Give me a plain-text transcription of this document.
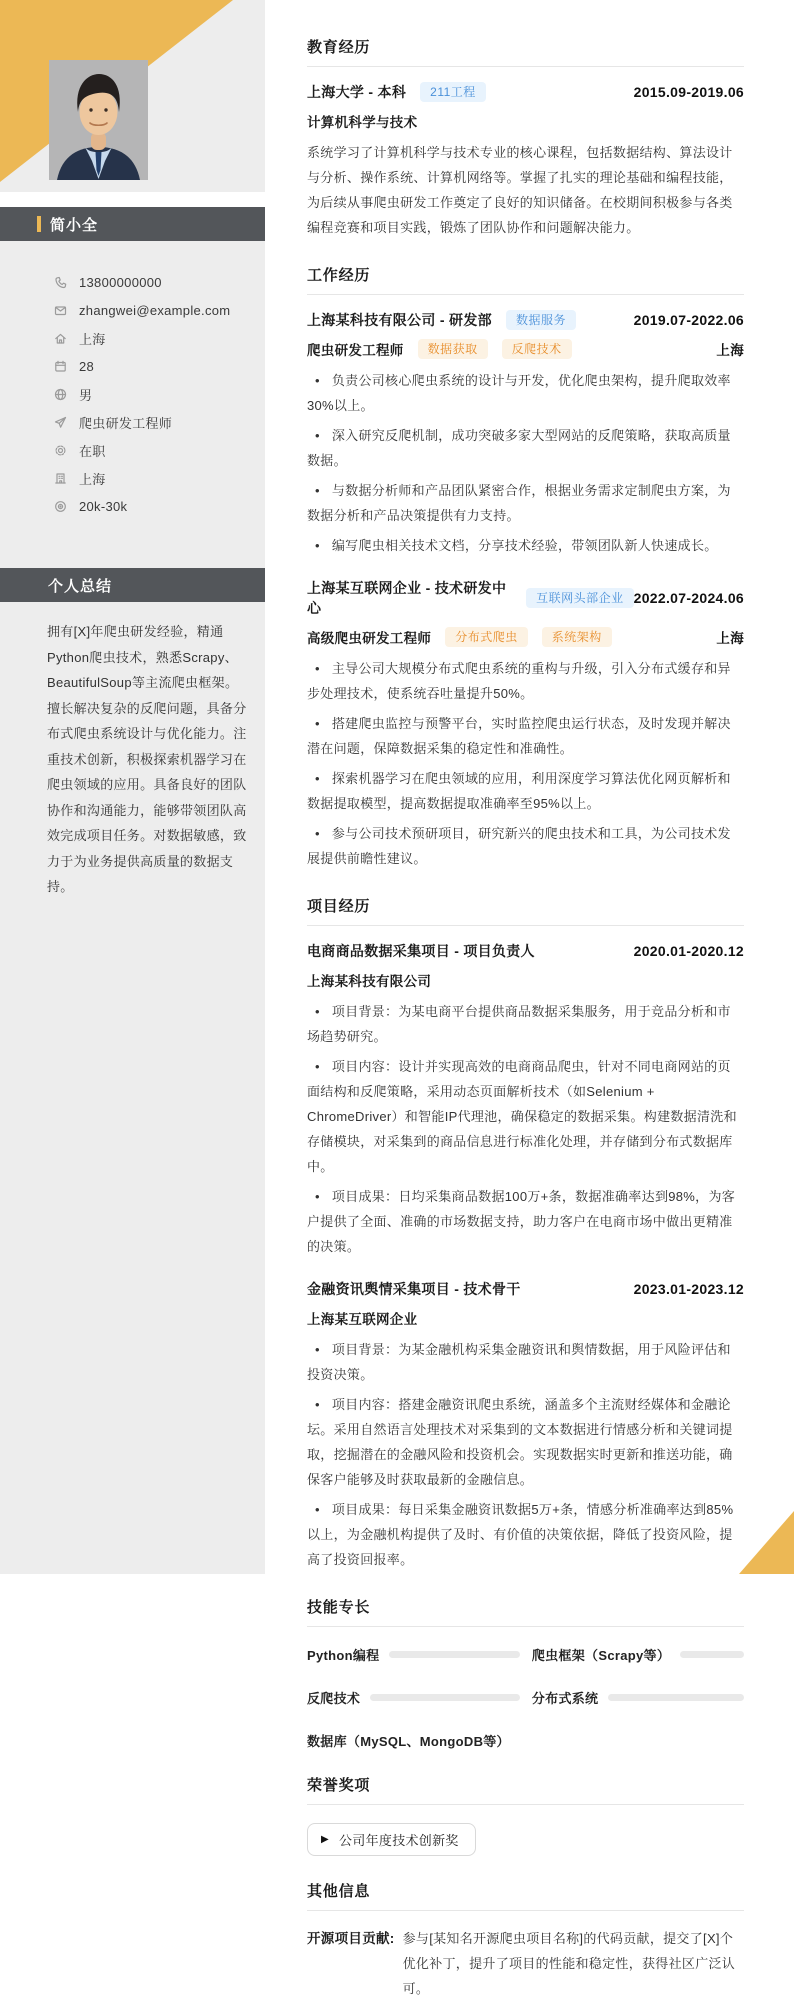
简小全
13800000000
zhangwei@example.com
上海
28
男
爬虫研发工程师
在职
上海
20k-30k
个人总结

拥有[X]年爬虫研发经验，精通Python爬虫技术，熟悉Scrapy、BeautifulSoup等主流爬虫框架。擅长解决复杂的反爬问题，具备分布式爬虫系统设计与优化能力。注重技术创新，积极探索机器学习在爬虫领域的应用。具备良好的团队协作和沟通能力，能够带领团队高效完成项目任务。对数据敏感，致力于为业务提供高质量的数据支持。

教育经历
上海大学 - 本科	211工程	2015.09-2019.06
计算机科学与技术

系统学习了计算机科学与技术专业的核心课程，包括数据结构、算法设计与分析、操作系统、计算机网络等。掌握了扎实的理论基础和编程技能，为后续从事爬虫研发工作奠定了良好的知识储备。在校期间积极参与各类编程竞赛和项目实践，锻炼了团队协作和问题解决能力。

工作经历
上海某科技有限公司 - 研发部	数据服务	2019.07-2022.06
爬虫研发工程师	数据获取	反爬技术	上海
• 负责公司核心爬虫系统的设计与开发，优化爬虫架构，提升爬取效率30%以上。
• 深入研究反爬机制，成功突破多家大型网站的反爬策略，获取高质量数据。
• 与数据分析师和产品团队紧密合作，根据业务需求定制爬虫方案，为数据分析和产品决策提供有力支持。
• 编写爬虫相关技术文档，分享技术经验，带领团队新人快速成长。
上海某互联网企业 - 技术研发中心
互联网头部企业 2022.07-2024.06
高级爬虫研发工程师	分布式爬虫	系统架构	上海
• 主导公司大规模分布式爬虫系统的重构与升级，引入分布式缓存和异步处理技术，使系统吞吐量提升50%。
• 搭建爬虫监控与预警平台，实时监控爬虫运行状态，及时发现并解决潜在问题，保障数据采集的稳定性和准确性。
• 探索机器学习在爬虫领域的应用，利用深度学习算法优化网页解析和数据提取模型，提高数据提取准确率至95%以上。
• 参与公司技术预研项目，研究新兴的爬虫技术和工具，为公司技术发展提供前瞻性建议。
项目经历
电商商品数据采集项目 - 项目负责人	2020.01-2020.12
上海某科技有限公司
• 项目背景：为某电商平台提供商品数据采集服务，用于竞品分析和市场趋势研究。
• 项目内容：设计并实现高效的电商商品爬虫，针对不同电商网站的页面结构和反爬策略，采用动态页面解析技术（如Selenium + ChromeDriver）和智能IP代理池，确保稳定的数据采集。构建数据清洗和存储模块，对采集到的商品信息进行标准化处理，并存储到分布式数据库中。
• 项目成果：日均采集商品数据100万+条，数据准确率达到98%，为客户提供了全面、准确的市场数据支持，助力客户在电商市场中做出更精准的决策。
金融资讯舆情采集项目 - 技术骨干	2023.01-2023.12
上海某互联网企业
• 项目背景：为某金融机构采集金融资讯和舆情数据，用于风险评估和投资决策。
• 项目内容：搭建金融资讯爬虫系统，涵盖多个主流财经媒体和金融论坛。采用自然语言处理技术对采集到的文本数据进行情感分析和关键词提取，挖掘潜在的金融风险和投资机会。实现数据实时更新和推送功能，确保客户能够及时获取最新的金融信息。
• 项目成果：每日采集金融资讯数据5万+条，情感分析准确率达到85%以上，为金融机构提供了及时、有价值的决策依据，降低了投资风险，提高了投资回报率。
技能专长
Python编程	爬虫框架（Scrapy等）
反爬技术	分布式系统
数据库（MySQL、MongoDB等）
荣誉奖项
▶ 公司年度技术创新奖
其他信息
开源项目贡献: 参与[某知名开源爬虫项目名称]的代码贡献，提交了[X]个优化补丁，提升了项目的性能和稳定性，获得社区广泛认可。
